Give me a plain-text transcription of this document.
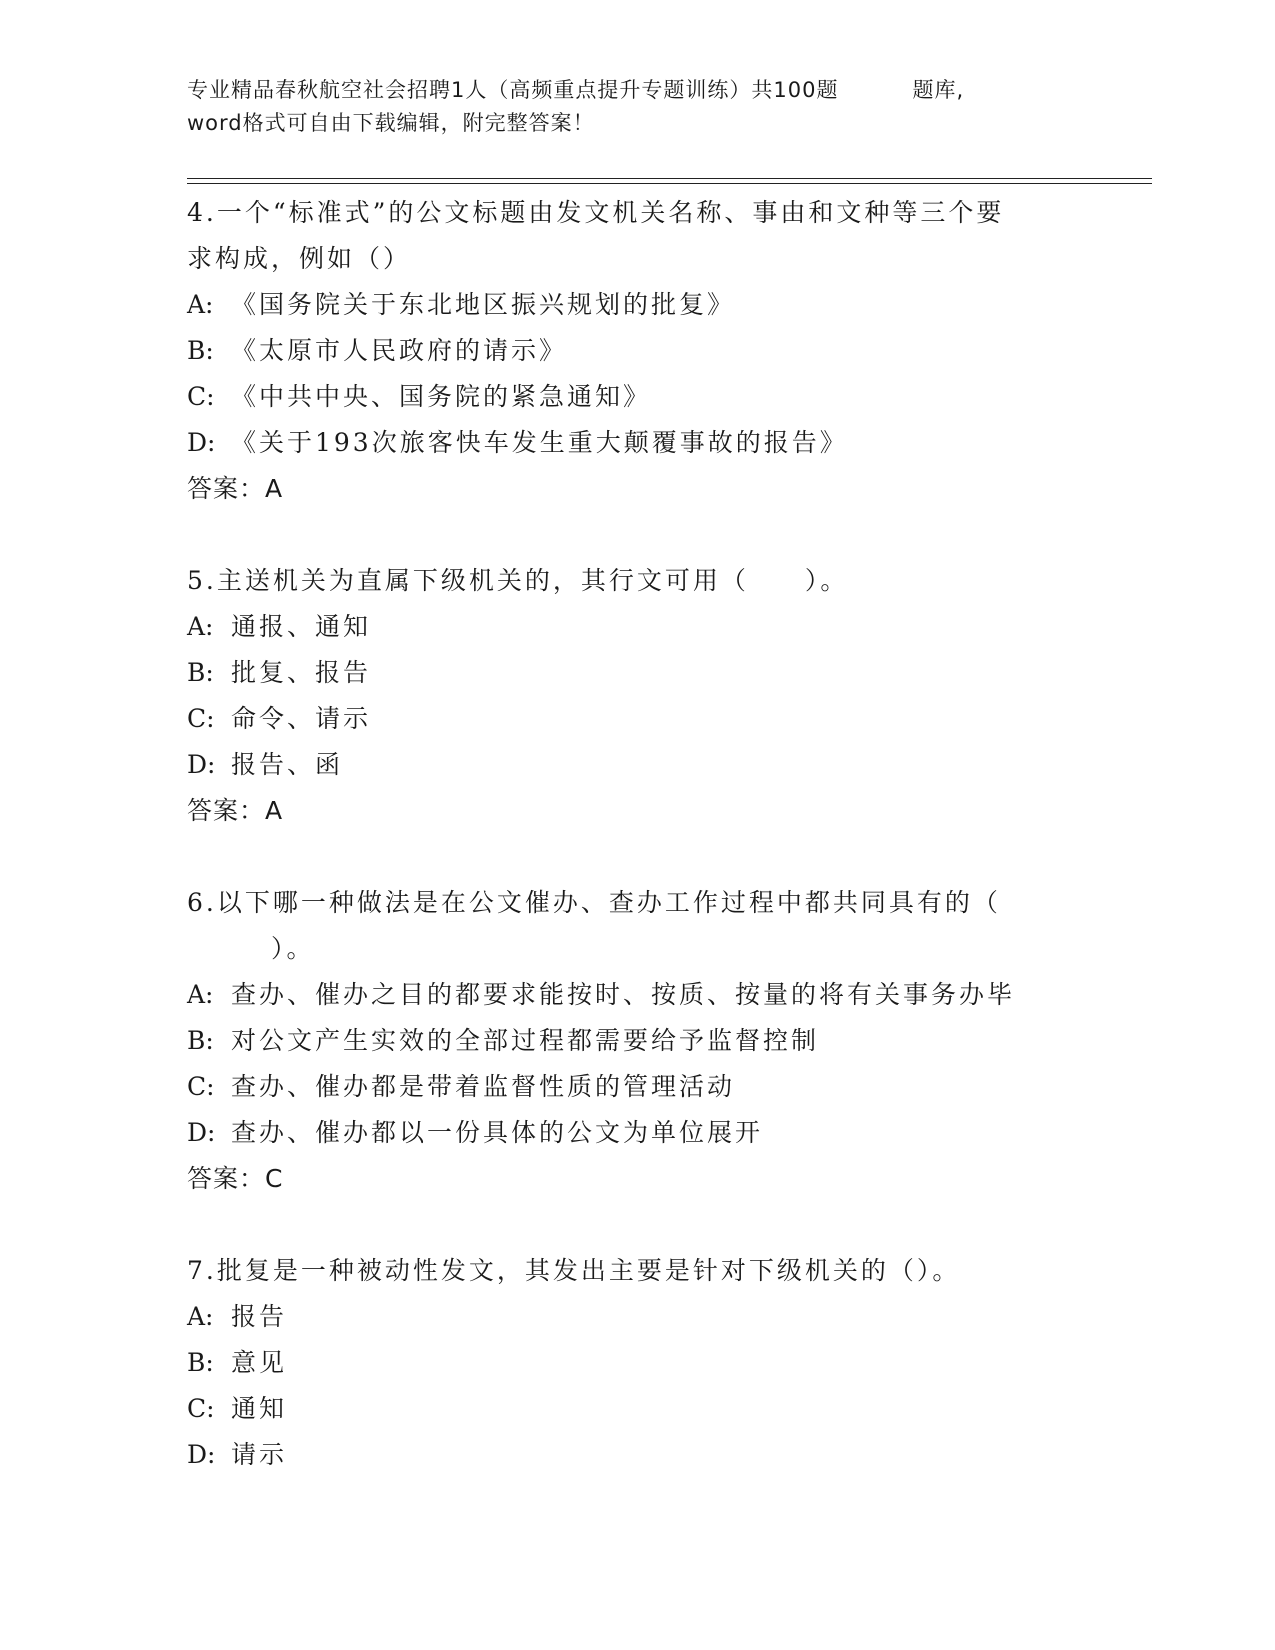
专业精品春秋航空社会招聘1人（高频重点提升专题训练）共100题	题库,
word格式可自由下载编辑，附完整答案！
4.一个“标准式”的公文标题由发文机关名称、事由和文种等三个要
求构成，例如（）
A: 《国务院关于东北地区振兴规划的批复》
B: 《太原市人民政府的请示》
C: 《中共中央、国务院的紧急通知》
D: 《关于193次旅客快车发生重大颠覆事故的报告》
答案：A
5.主送机关为直属下级机关的，其行文可用（　　）。
A: 通报、通知
B: 批复、报告
C: 命令、请示
D: 报告、函
答案：A
6.以下哪一种做法是在公文催办、查办工作过程中都共同具有的（
　　　）。
A: 查办、催办之目的都要求能按时、按质、按量的将有关事务办毕
B: 对公文产生实效的全部过程都需要给予监督控制
C: 查办、催办都是带着监督性质的管理活动
D: 查办、催办都以一份具体的公文为单位展开
答案：C
7.批复是一种被动性发文，其发出主要是针对下级机关的（）。
A: 报告
B: 意见
C: 通知
D: 请示
